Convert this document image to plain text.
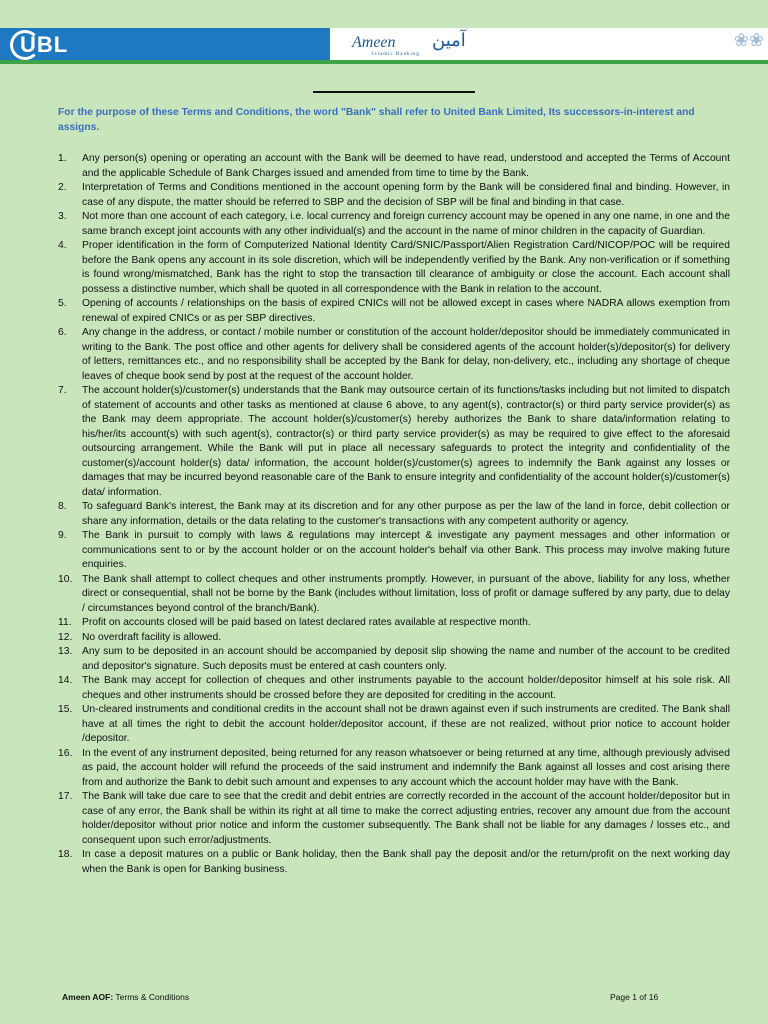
UBL	Ameen
Islamic Banking
آمین	❀❀

For the purpose of these Terms and Conditions, the word "Bank" shall refer to United Bank Limited, Its successors-in-interest and assigns.

1. Any person(s) opening or operating an account with the Bank will be deemed to have read, understood and accepted the Terms of Account and the applicable Schedule of Bank Charges issued and amended from time to time by the Bank.
2. Interpretation of Terms and Conditions mentioned in the account opening form by the Bank will be considered final and binding. However, in case of any dispute, the matter should be referred to SBP and the decision of SBP will be final and binding in that case.
3. Not more than one account of each category, i.e. local currency and foreign currency account may be opened in any one name, in one and the same branch except joint accounts with any other individual(s) and the account in the name of minor children in the capacity of Guardian.
4. Proper identification in the form of Computerized National Identity Card/SNIC/Passport/Alien Registration Card/NICOP/POC will be required before the Bank opens any account in its sole discretion, which will be independently verified by the Bank. Any non-verification or if something is found wrong/mismatched, Bank has the right to stop the transaction till clearance of ambiguity or close the account. Each account shall possess a distinctive number, which shall be quoted in all correspondence with the Bank in relation to the account.
5. Opening of accounts / relationships on the basis of expired CNICs will not be allowed except in cases where NADRA allows exemption from renewal of expired CNICs or as per SBP directives.
6. Any change in the address, or contact / mobile number or constitution of the account holder/depositor should be immediately communicated in writing to the Bank. The post office and other agents for delivery shall be considered agents of the account holder(s)/depositor(s) for delivery of letters, remittances etc., and no responsibility shall be accepted by the Bank for delay, non-delivery, etc., including any shortage of cheque leaves of cheque book send by post at the request of the account holder.
7. The account holder(s)/customer(s) understands that the Bank may outsource certain of its functions/tasks including but not limited to dispatch of statement of accounts and other tasks as mentioned at clause 6 above, to any agent(s), contractor(s) or third party service provider(s) as the Bank may deem appropriate. The account holder(s)/customer(s) hereby authorizes the Bank to share data/information relating to his/her/its account(s) with such agent(s), contractor(s) or third party service provider(s) as may be required to give effect to the aforesaid outsourcing arrangement. While the Bank will put in place all necessary safeguards to protect the integrity and confidentiality of the customer(s)/account holder(s) data/ information, the account holder(s)/customer(s) agrees to indemnify the Bank against any losses or damages that may be incurred beyond reasonable care of the Bank to ensure integrity and confidentiality of the account holder(s)/customer(s) data/ information.
8. To safeguard Bank's interest, the Bank may at its discretion and for any other purpose as per the law of the land in force, debit collection or share any information, details or the data relating to the customer's transactions with any competent authority or agency.
9. The Bank in pursuit to comply with laws & regulations may intercept & investigate any payment messages and other information or communications sent to or by the account holder or on the account holder's behalf via other Bank. This process may involve making future enquiries.
10. The Bank shall attempt to collect cheques and other instruments promptly. However, in pursuant of the above, liability for any loss, whether direct or consequential, shall not be borne by the Bank (includes without limitation, loss of profit or damage suffered by any party, due to delay / circumstances beyond control of the branch/Bank).
11. Profit on accounts closed will be paid based on latest declared rates available at respective month.
12. No overdraft facility is allowed.
13. Any sum to be deposited in an account should be accompanied by deposit slip showing the name and number of the account to be credited and depositor's signature. Such deposits must be entered at cash counters only.
14. The Bank may accept for collection of cheques and other instruments payable to the account holder/depositor himself at his sole risk. All cheques and other instruments should be crossed before they are deposited for crediting in the account.
15. Un-cleared instruments and conditional credits in the account shall not be drawn against even if such instruments are credited. The Bank shall have at all times the right to debit the account holder/depositor account, if these are not realized, without prior notice to account holder /depositor.
16. In the event of any instrument deposited, being returned for any reason whatsoever or being returned at any time, although previously advised as paid, the account holder will refund the proceeds of the said instrument and indemnify the Bank against all losses and cost arising there from and authorize the Bank to debit such amount and expenses to any account which the account holder may have with the Bank.
17. The Bank will take due care to see that the credit and debit entries are correctly recorded in the account of the account holder/depositor but in case of any error, the Bank shall be within its right at all time to make the correct adjusting entries, recover any amount due from the account holder/depositor without prior notice and inform the customer subsequently. The Bank shall not be liable for any damages / losses etc., and consequent upon such error/adjustments.
18. In case a deposit matures on a public or Bank holiday, then the Bank shall pay the deposit and/or the return/profit on the next working day when the Bank is open for Banking business.
Ameen AOF: Terms & Conditions	Page 1 of 16
